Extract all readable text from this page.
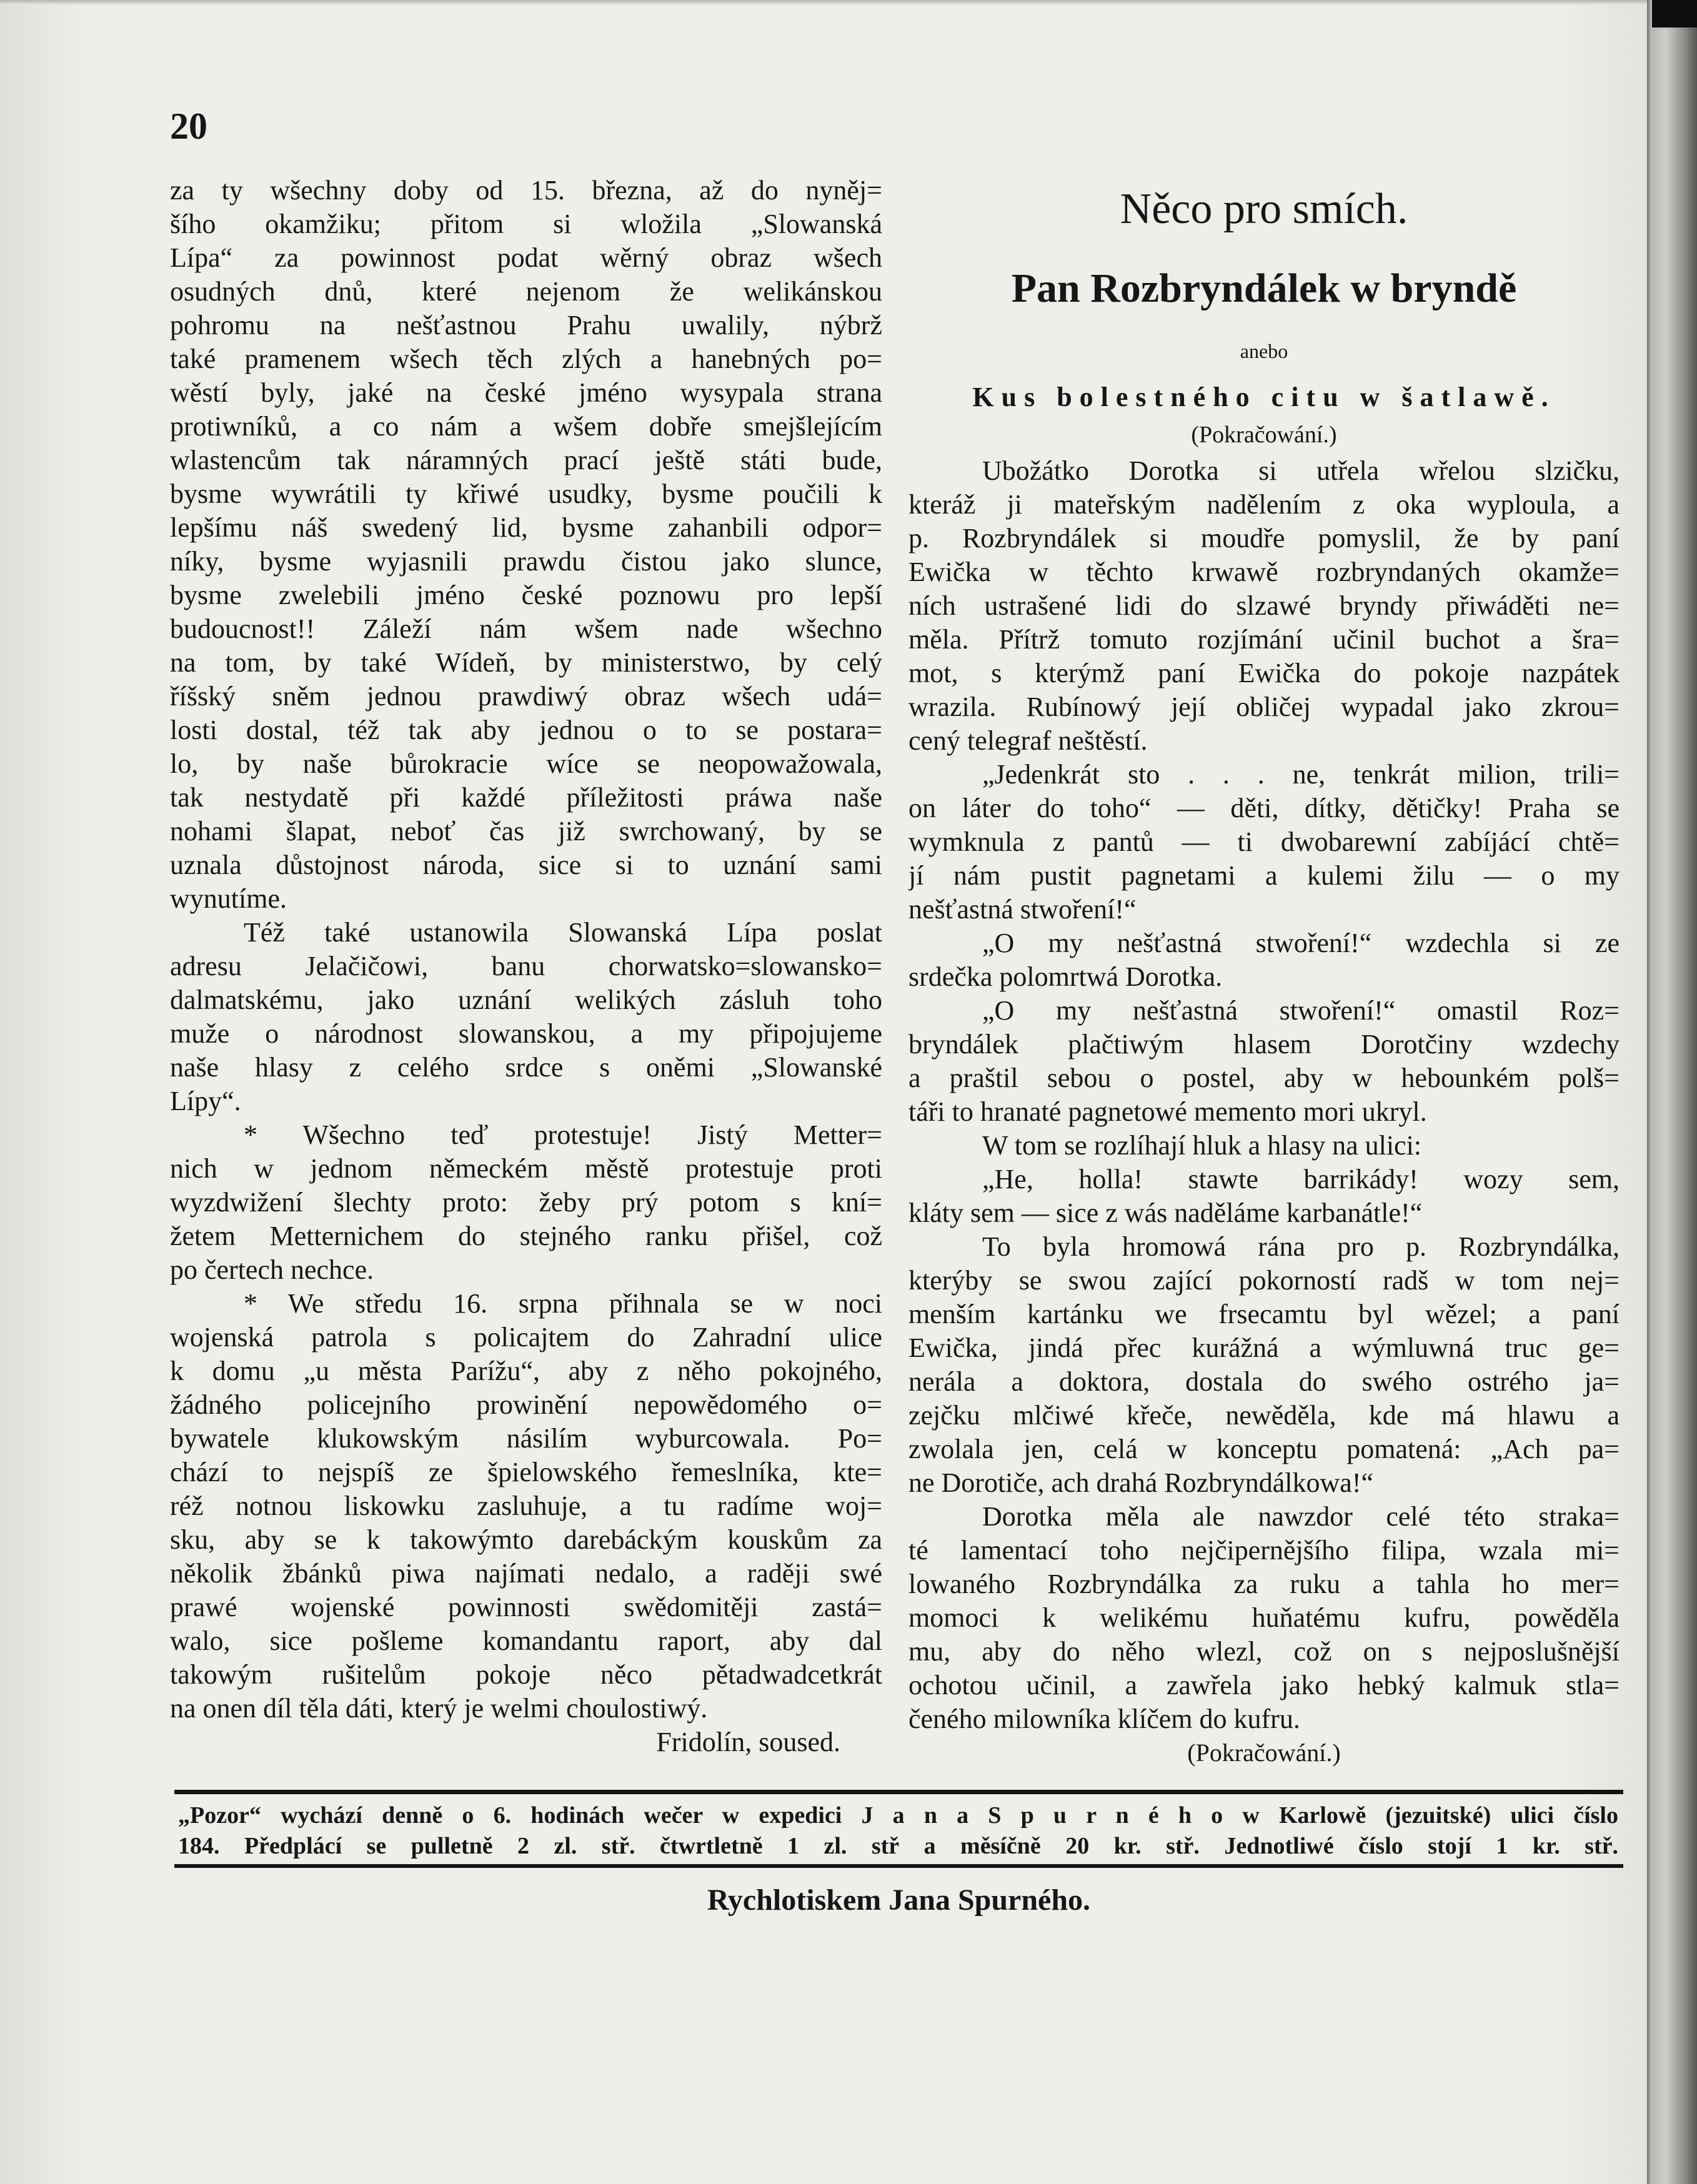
20
za ty wšechny doby od 15. března, až do nyněj=
šího okamžiku; přitom si wložila „Slowanská
Lípa“ za powinnost podat wěrný obraz wšech
osudných dnů, které nejenom že welikánskou
pohromu na nešťastnou Prahu uwalily, nýbrž
také pramenem wšech těch zlých a hanebných po=
wěstí byly, jaké na české jméno wysypala strana
protiwníků, a co nám a wšem dobře smejšlejícím
wlastencům tak náramných prací ještě státi bude,
bysme wywrátili ty křiwé usudky, bysme poučili k
lepšímu náš swedený lid, bysme zahanbili odpor=
níky, bysme wyjasnili prawdu čistou jako slunce,
bysme zwelebili jméno české poznowu pro lepší
budoucnost!! Záleží nám wšem nade wšechno
na tom, by také Wídeň, by ministerstwo, by celý
říšský sněm jednou prawdiwý obraz wšech udá=
losti dostal, též tak aby jednou o to se postara=
lo, by naše bůrokracie wíce se neopowažowala,
tak nestydatě při každé příležitosti práwa naše
nohami šlapat, neboť čas již swrchowaný, by se
uznala důstojnost národa, sice si to uznání sami
wynutíme.
Též také ustanowila Slowanská Lípa poslat
adresu Jelačičowi, banu chorwatsko=slowansko=
dalmatskému, jako uznání welikých zásluh toho
muže o národnost slowanskou, a my připojujeme
naše hlasy z celého srdce s oněmi „Slowanské
Lípy“.
* Wšechno teď protestuje! Jistý Metter=
nich w jednom německém městě protestuje proti
wyzdwižení šlechty proto: žeby prý potom s kní=
žetem Metternichem do stejného ranku přišel, což
po čertech nechce.
* We středu 16. srpna přihnala se w noci
wojenská patrola s policajtem do Zahradní ulice
k domu „u města Parížu“, aby z něho pokojného,
žádného policejního prowinění nepowědomého o=
bywatele klukowským násilím wyburcowala. Po=
chází to nejspíš ze špielowského řemeslníka, kte=
réž notnou liskowku zasluhuje, a tu radíme woj=
sku, aby se k takowýmto darebáckým kouskům za
několik žbánků piwa najímati nedalo, a raději swé
prawé wojenské powinnosti swědomitěji zastá=
walo, sice pošleme komandantu raport, aby dal
takowým rušitelům pokoje něco pětadwadcetkrát
na onen díl těla dáti, který je welmi choulostiwý.
Fridolín, soused.
Něco pro smích.
Pan Rozbryndálek w bryndě
anebo
Kus bolestného citu w šatlawě.
(Pokračowání.)
Ubožátko Dorotka si utřela wřelou slzičku,
kteráž ji mateřským nadělením z oka wyploula, a
p. Rozbryndálek si moudře pomyslil, že by paní
Ewička w těchto krwawě rozbryndaných okamže=
ních ustrašené lidi do slzawé bryndy přiwáděti ne=
měla. Přítrž tomuto rozjímání učinil buchot a šra=
mot, s kterýmž paní Ewička do pokoje nazpátek
wrazila. Rubínowý její obličej wypadal jako zkrou=
cený telegraf neštěstí.
„Jedenkrát sto . . . ne, tenkrát milion, trili=
on láter do toho“ — děti, dítky, dětičky! Praha se
wymknula z pantů — ti dwobarewní zabíjácí chtě=
jí nám pustit pagnetami a kulemi žilu — o my
nešťastná stwoření!“
„O my nešťastná stwoření!“ wzdechla si ze
srdečka polomrtwá Dorotka.
„O my nešťastná stwoření!“ omastil Roz=
bryndálek plačtiwým hlasem Dorotčiny wzdechy
a praštil sebou o postel, aby w hebounkém polš=
táři to hranaté pagnetowé memento mori ukryl.
W tom se rozlíhají hluk a hlasy na ulici:
„He, holla! stawte barrikády! wozy sem,
kláty sem — sice z wás naděláme karbanátle!“
To byla hromowá rána pro p. Rozbryndálka,
kterýby se swou zající pokorností radš w tom nej=
menším kartánku we frsecamtu byl wězel; a paní
Ewička, jindá přec kurážná a wýmluwná truc ge=
nerála a doktora, dostala do swého ostrého ja=
zejčku mlčiwé křeče, newěděla, kde má hlawu a
zwolala jen, celá w konceptu pomatená: „Ach pa=
ne Dorotiče, ach drahá Rozbryndálkowa!“
Dorotka měla ale nawzdor celé této straka=
té lamentací toho nejčipernějšího filipa, wzala mi=
lowaného Rozbryndálka za ruku a tahla ho mer=
momoci k welikému huňatému kufru, powěděla
mu, aby do něho wlezl, což on s nejposlušnější
ochotou učinil, a zawřela jako hebký kalmuk stla=
čeného milowníka klíčem do kufru.
(Pokračowání.)
„Pozor“ wychází denně o 6. hodinách wečer w expedici J a n a S p u r n é h o w Karlowě (jezuitské) ulici číslo
184. Předplácí se pulletně 2 zl. stř. čtwrtletně 1 zl. stř a měsíčně 20 kr. stř. Jednotliwé číslo stojí 1 kr. stř.
Rychlotiskem Jana Spurného.
